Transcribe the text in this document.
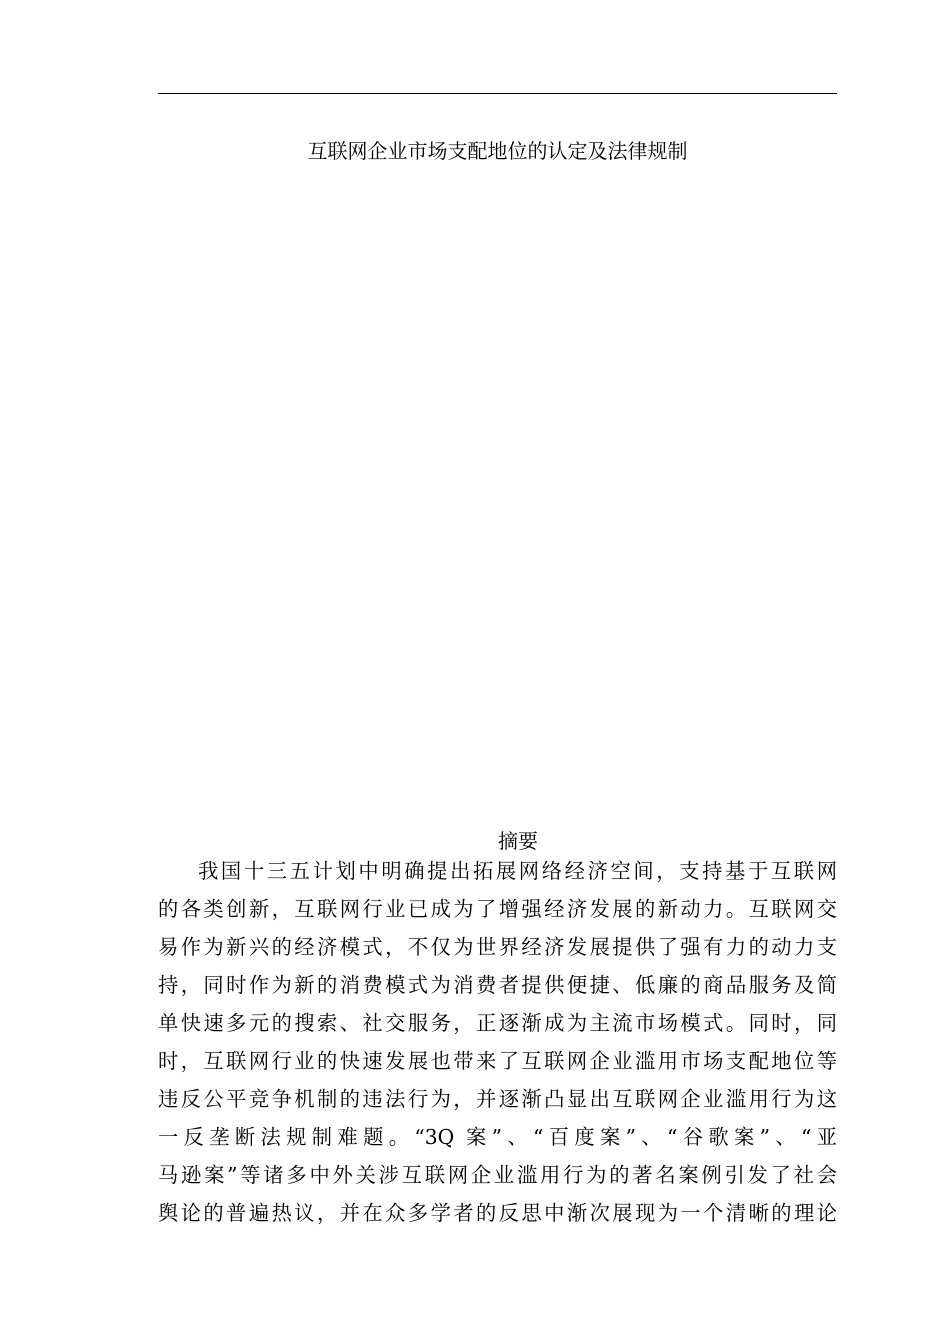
互联网企业市场支配地位的认定及法律规制
摘要
我国十三五计划中明确提出拓展网络经济空间，支持基于互联网
的各类创新，互联网行业已成为了增强经济发展的新动力。互联网交
易作为新兴的经济模式，不仅为世界经济发展提供了强有力的动力支
持，同时作为新的消费模式为消费者提供便捷、低廉的商品服务及简
单快速多元的搜索、社交服务，正逐渐成为主流市场模式。同时，同
时，互联网行业的快速发展也带来了互联网企业滥用市场支配地位等
违反公平竞争机制的违法行为，并逐渐凸显出互联网企业滥用行为这
一反垄断法规制难题。“3Q 案”、“百度案”、“谷歌案”、“亚
马逊案”等诸多中外关涉互联网企业滥用行为的著名案例引发了社会
舆论的普遍热议，并在众多学者的反思中渐次展现为一个清晰的理论
